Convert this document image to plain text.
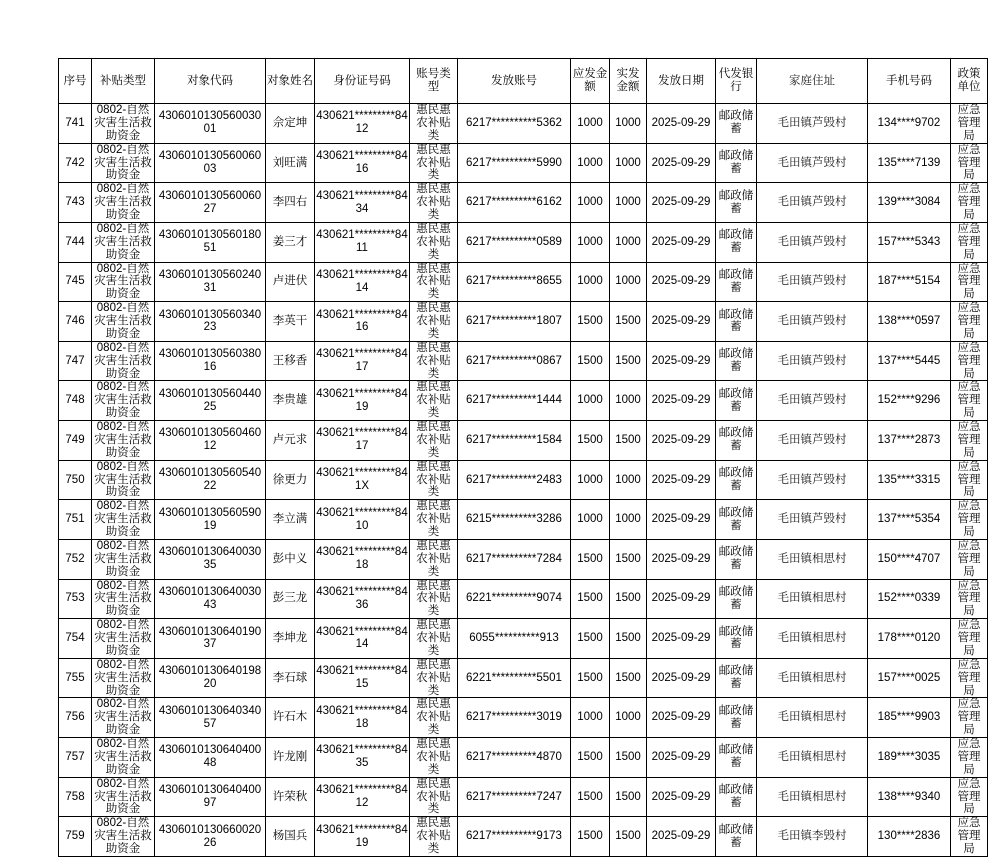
序号	补贴类型	对象代码	对象姓名	身份证号码	账号类型	发放账号	应发金额	实发金额	发放日期	代发银行	家庭住址	手机号码	政策单位
741	0802-自然灾害生活救助资金	430601013056003001	佘定坤	430621*********8412	惠民惠农补贴类	6217**********5362	1000	1000	2025-09-29	邮政储蓄	毛田镇芦毁村	134****9702	应急管理局
742	0802-自然灾害生活救助资金	430601013056006003	刘旺满	430621*********8416	惠民惠农补贴类	6217**********5990	1000	1000	2025-09-29	邮政储蓄	毛田镇芦毁村	135****7139	应急管理局
743	0802-自然灾害生活救助资金	430601013056006027	李四右	430621*********8434	惠民惠农补贴类	6217**********6162	1000	1000	2025-09-29	邮政储蓄	毛田镇芦毁村	139****3084	应急管理局
744	0802-自然灾害生活救助资金	430601013056018051	姜三才	430621*********8411	惠民惠农补贴类	6217**********0589	1000	1000	2025-09-29	邮政储蓄	毛田镇芦毁村	157****5343	应急管理局
745	0802-自然灾害生活救助资金	430601013056024031	卢进伏	430621*********8414	惠民惠农补贴类	6217**********8655	1000	1000	2025-09-29	邮政储蓄	毛田镇芦毁村	187****5154	应急管理局
746	0802-自然灾害生活救助资金	430601013056034023	李英干	430621*********8416	惠民惠农补贴类	6217**********1807	1500	1500	2025-09-29	邮政储蓄	毛田镇芦毁村	138****0597	应急管理局
747	0802-自然灾害生活救助资金	430601013056038016	王移香	430621*********8417	惠民惠农补贴类	6217**********0867	1500	1500	2025-09-29	邮政储蓄	毛田镇芦毁村	137****5445	应急管理局
748	0802-自然灾害生活救助资金	430601013056044025	李贵雄	430621*********8419	惠民惠农补贴类	6217**********1444	1000	1000	2025-09-29	邮政储蓄	毛田镇芦毁村	152****9296	应急管理局
749	0802-自然灾害生活救助资金	430601013056046012	卢元求	430621*********8417	惠民惠农补贴类	6217**********1584	1500	1500	2025-09-29	邮政储蓄	毛田镇芦毁村	137****2873	应急管理局
750	0802-自然灾害生活救助资金	430601013056054022	徐更力	430621*********841X	惠民惠农补贴类	6217**********2483	1000	1000	2025-09-29	邮政储蓄	毛田镇芦毁村	135****3315	应急管理局
751	0802-自然灾害生活救助资金	430601013056059019	李立满	430621*********8410	惠民惠农补贴类	6215**********3286	1000	1000	2025-09-29	邮政储蓄	毛田镇芦毁村	137****5354	应急管理局
752	0802-自然灾害生活救助资金	430601013064003035	彭中义	430621*********8418	惠民惠农补贴类	6217**********7284	1500	1500	2025-09-29	邮政储蓄	毛田镇相思村	150****4707	应急管理局
753	0802-自然灾害生活救助资金	430601013064003043	彭三龙	430621*********8436	惠民惠农补贴类	6221**********9074	1500	1500	2025-09-29	邮政储蓄	毛田镇相思村	152****0339	应急管理局
754	0802-自然灾害生活救助资金	430601013064019037	李坤龙	430621*********8414	惠民惠农补贴类	6055**********913	1500	1500	2025-09-29	邮政储蓄	毛田镇相思村	178****0120	应急管理局
755	0802-自然灾害生活救助资金	430601013064019820	李石球	430621*********8415	惠民惠农补贴类	6221**********5501	1500	1500	2025-09-29	邮政储蓄	毛田镇相思村	157****0025	应急管理局
756	0802-自然灾害生活救助资金	430601013064034057	许石木	430621*********8418	惠民惠农补贴类	6217**********3019	1000	1000	2025-09-29	邮政储蓄	毛田镇相思村	185****9903	应急管理局
757	0802-自然灾害生活救助资金	430601013064040048	许龙刚	430621*********8435	惠民惠农补贴类	6217**********4870	1500	1500	2025-09-29	邮政储蓄	毛田镇相思村	189****3035	应急管理局
758	0802-自然灾害生活救助资金	430601013064040097	许荣秋	430621*********8412	惠民惠农补贴类	6217**********7247	1500	1500	2025-09-29	邮政储蓄	毛田镇相思村	138****9340	应急管理局
759	0802-自然灾害生活救助资金	430601013066002026	杨国兵	430621*********8419	惠民惠农补贴类	6217**********9173	1500	1500	2025-09-29	邮政储蓄	毛田镇李毁村	130****2836	应急管理局
